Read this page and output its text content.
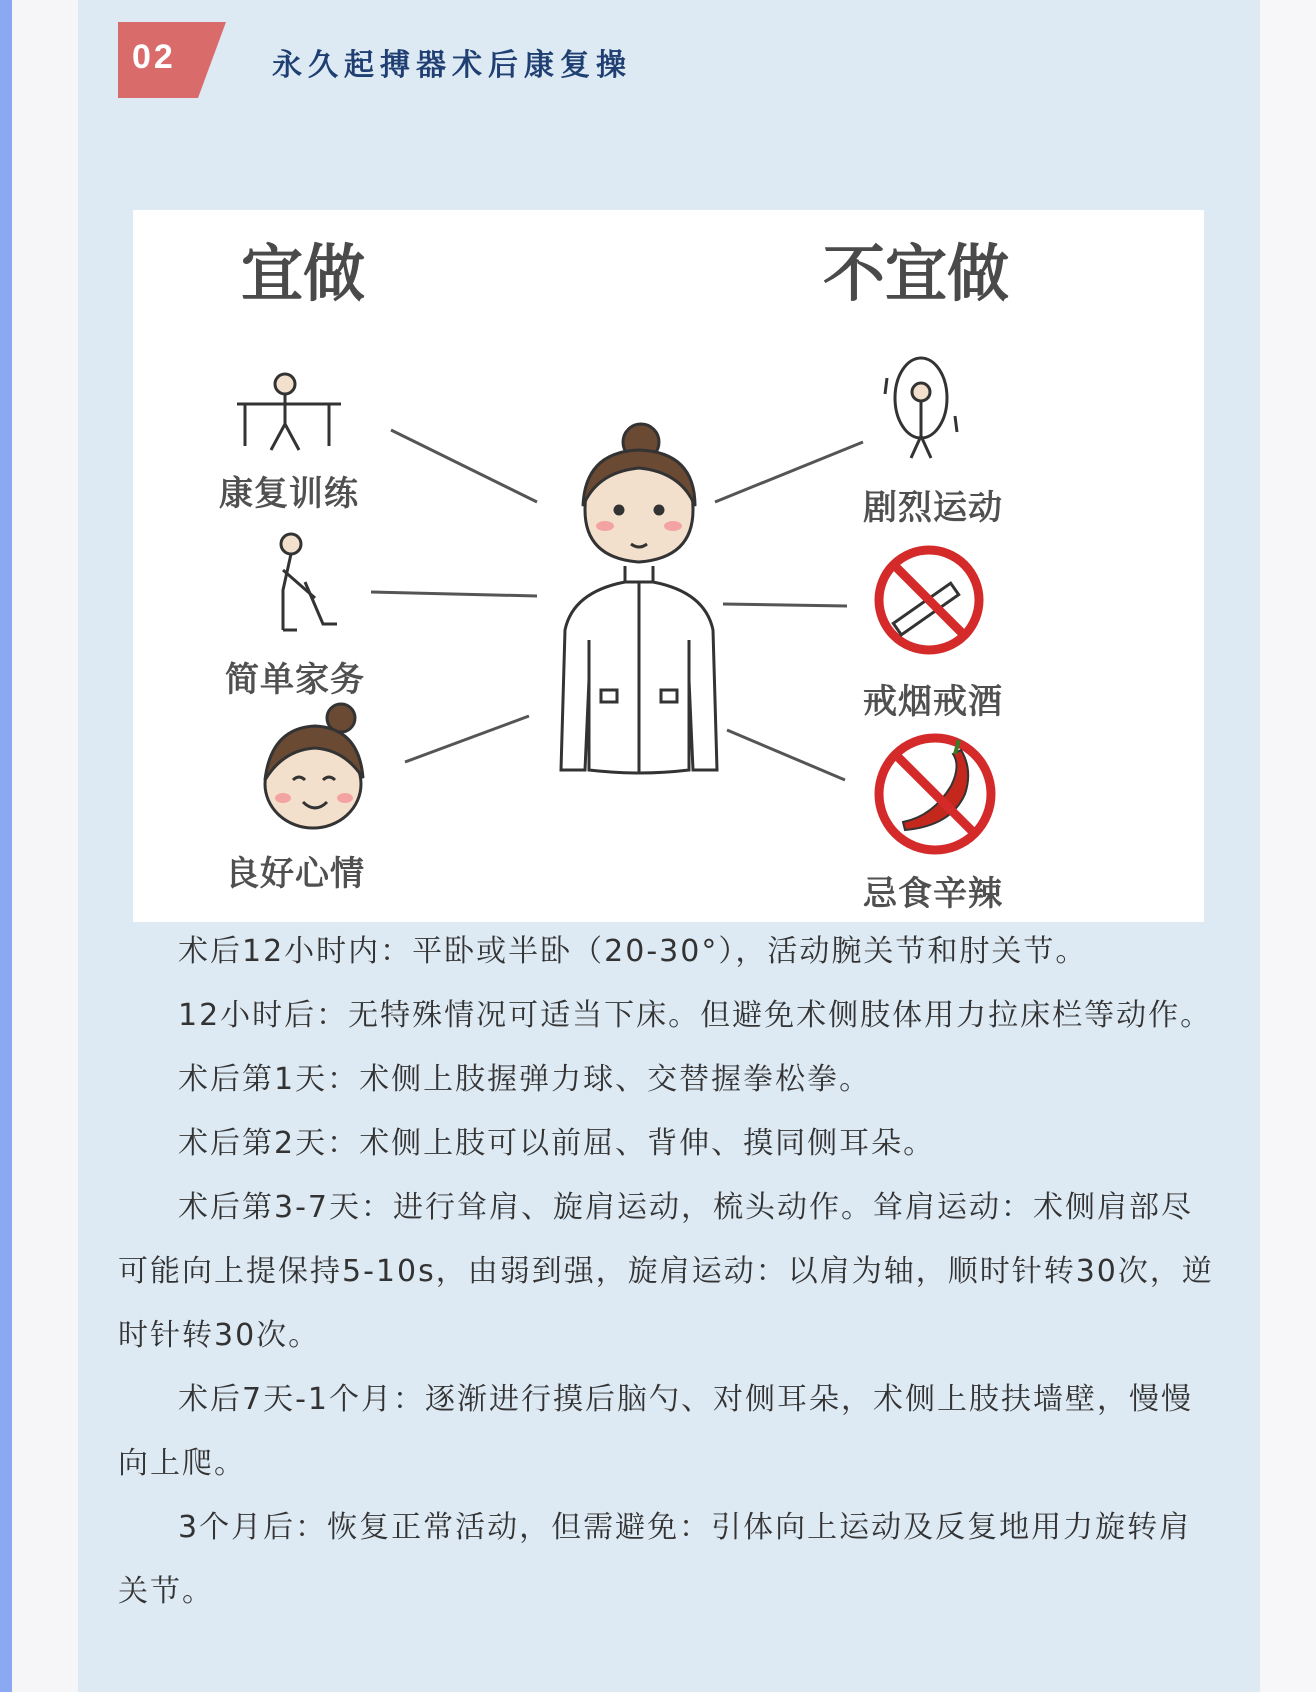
02	永久起搏器术后康复操
宜做	不宜做
康复训练
简单家务
良好心情
剧烈运动
戒烟戒酒
忌食辛辣

术后12小时内：平卧或半卧（20-30°），活动腕关节和肘关节。

12小时后：无特殊情况可适当下床。但避免术侧肢体用力拉床栏等动作。

术后第1天：术侧上肢握弹力球、交替握拳松拳。

术后第2天：术侧上肢可以前屈、背伸、摸同侧耳朵。

术后第3-7天：进行耸肩、旋肩运动，梳头动作。耸肩运动：术侧肩部尽可能向上提保持5-10s，由弱到强，旋肩运动：以肩为轴，顺时针转30次，逆时针转30次。

术后7天-1个月：逐渐进行摸后脑勺、对侧耳朵，术侧上肢扶墙壁，慢慢向上爬。

3个月后：恢复正常活动，但需避免：引体向上运动及反复地用力旋转肩关节。
